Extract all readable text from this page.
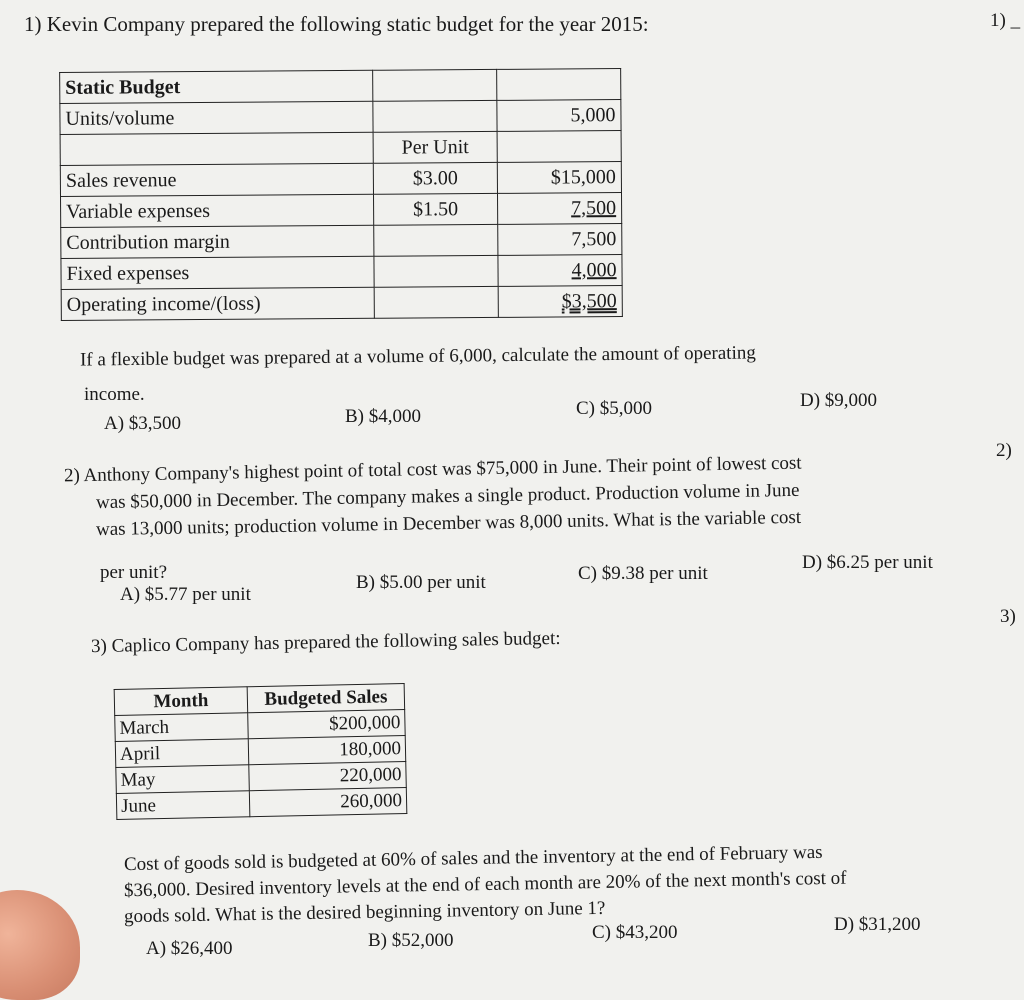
1) Kevin Company prepared the following static budget for the year 2015:	1) _
Static Budget		
Units/volume		5,000
	Per Unit	
Sales revenue	$3.00	$15,000
Variable expenses	$1.50	7,500
Contribution margin		7,500
Fixed expenses		4,000
Operating income/(loss)		$3,500
If a flexible budget was prepared at a volume of 6,000, calculate the amount of operating
income.
A) $3,500	B) $4,000	C) $5,000	D) $9,000
2)
2) Anthony Company's highest point of total cost was $75,000 in June. Their point of lowest cost
was $50,000 in December. The company makes a single product. Production volume in June
was 13,000 units; production volume in December was 8,000 units. What is the variable cost
per unit?
A) $5.77 per unit
B) $5.00 per unit	C) $9.38 per unit
D) $6.25 per unit
3)
3) Caplico Company has prepared the following sales budget:
Month	Budgeted Sales
March	$200,000
April	180,000
May	220,000
June	260,000
Cost of goods sold is budgeted at 60% of sales and the inventory at the end of February was
$36,000. Desired inventory levels at the end of each month are 20% of the next month's cost of
goods sold. What is the desired beginning inventory on June 1?
A) $26,400	B) $52,000	C) $43,200	D) $31,200
